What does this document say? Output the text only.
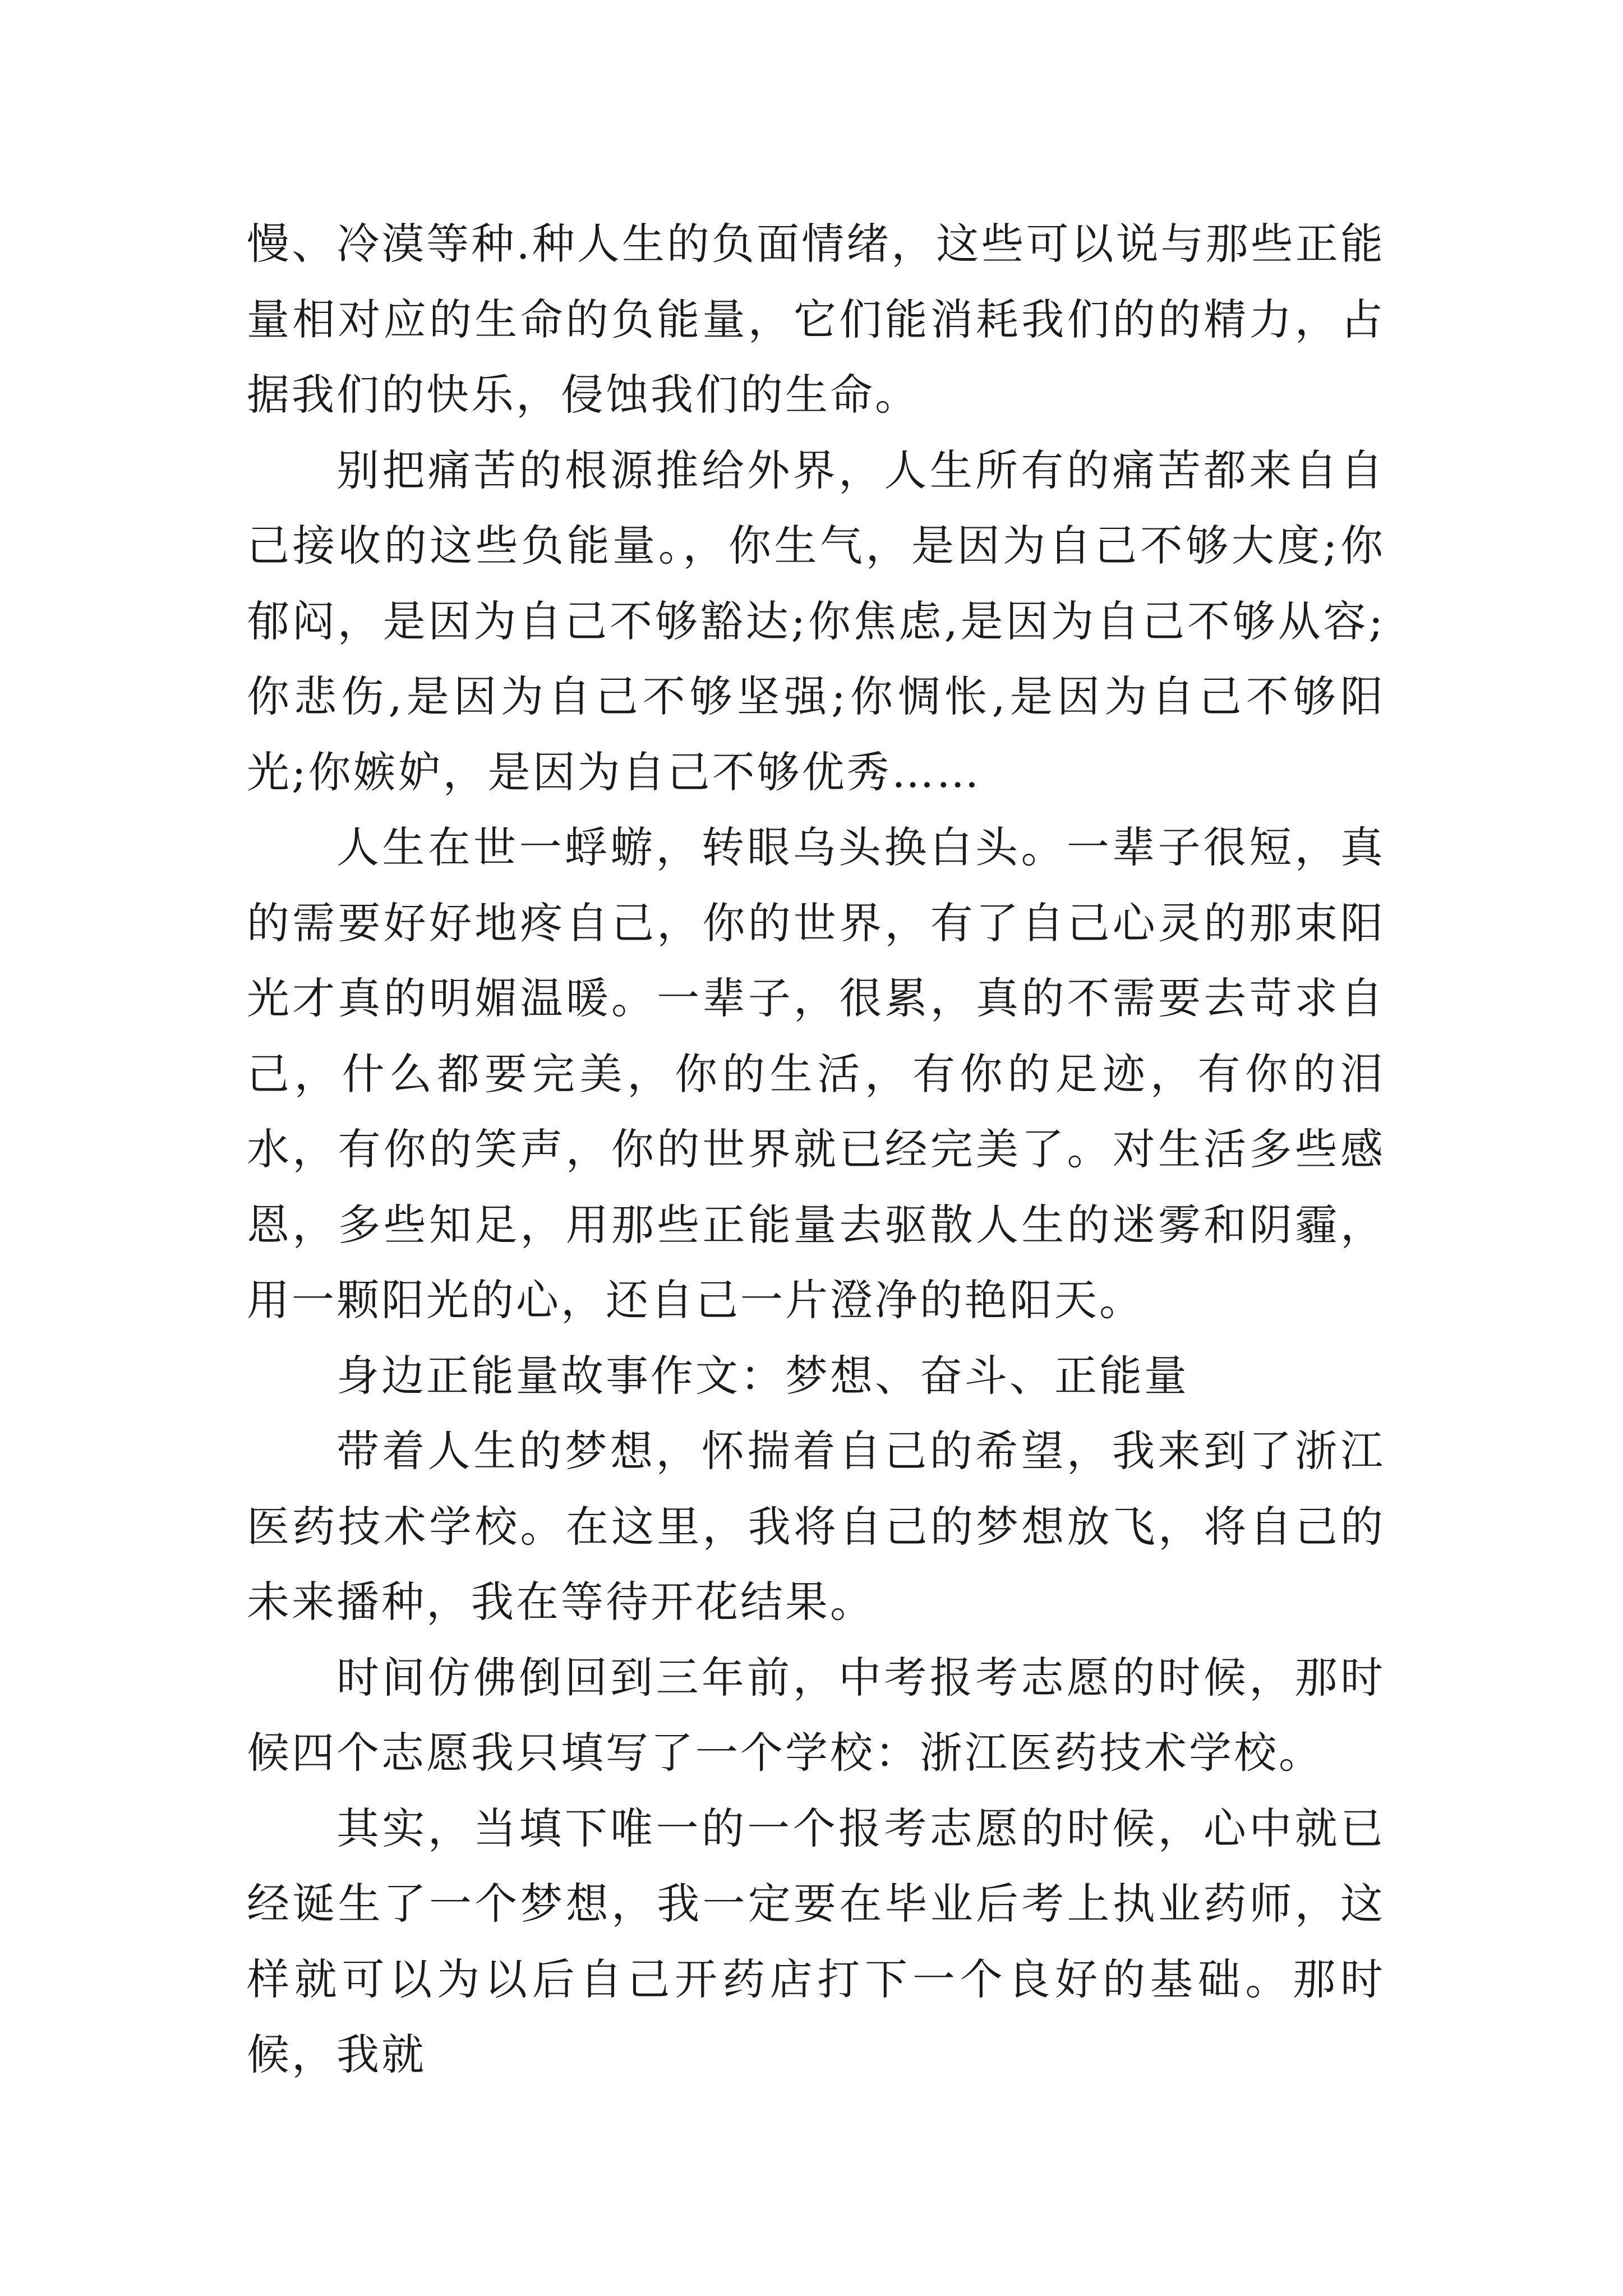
慢、冷漠等种.种人生的负面情绪，这些可以说与那些正能量相对应的生命的负能量，它们能消耗我们的的精力，占据我们的快乐，侵蚀我们的生命。

别把痛苦的根源推给外界，人生所有的痛苦都来自自己接收的这些负能量。，你生气，是因为自己不够大度;你郁闷，是因为自己不够豁达;你焦虑,是因为自己不够从容;你悲伤,是因为自己不够坚强;你惆怅,是因为自己不够阳光;你嫉妒，是因为自己不够优秀……

人生在世一蜉蝣，转眼乌头换白头。一辈子很短，真的需要好好地疼自己，你的世界，有了自己心灵的那束阳光才真的明媚温暖。一辈子，很累，真的不需要去苛求自己，什么都要完美，你的生活，有你的足迹，有你的泪水，有你的笑声，你的世界就已经完美了。对生活多些感恩，多些知足，用那些正能量去驱散人生的迷雾和阴霾，用一颗阳光的心，还自己一片澄净的艳阳天。

身边正能量故事作文：梦想、奋斗、正能量

带着人生的梦想，怀揣着自己的希望，我来到了浙江医药技术学校。在这里，我将自己的梦想放飞，将自己的未来播种，我在等待开花结果。

时间仿佛倒回到三年前，中考报考志愿的时候，那时候四个志愿我只填写了一个学校：浙江医药技术学校。

其实，当填下唯一的一个报考志愿的时候，心中就已经诞生了一个梦想，我一定要在毕业后考上执业药师，这样就可以为以后自己开药店打下一个良好的基础。那时候，我就
